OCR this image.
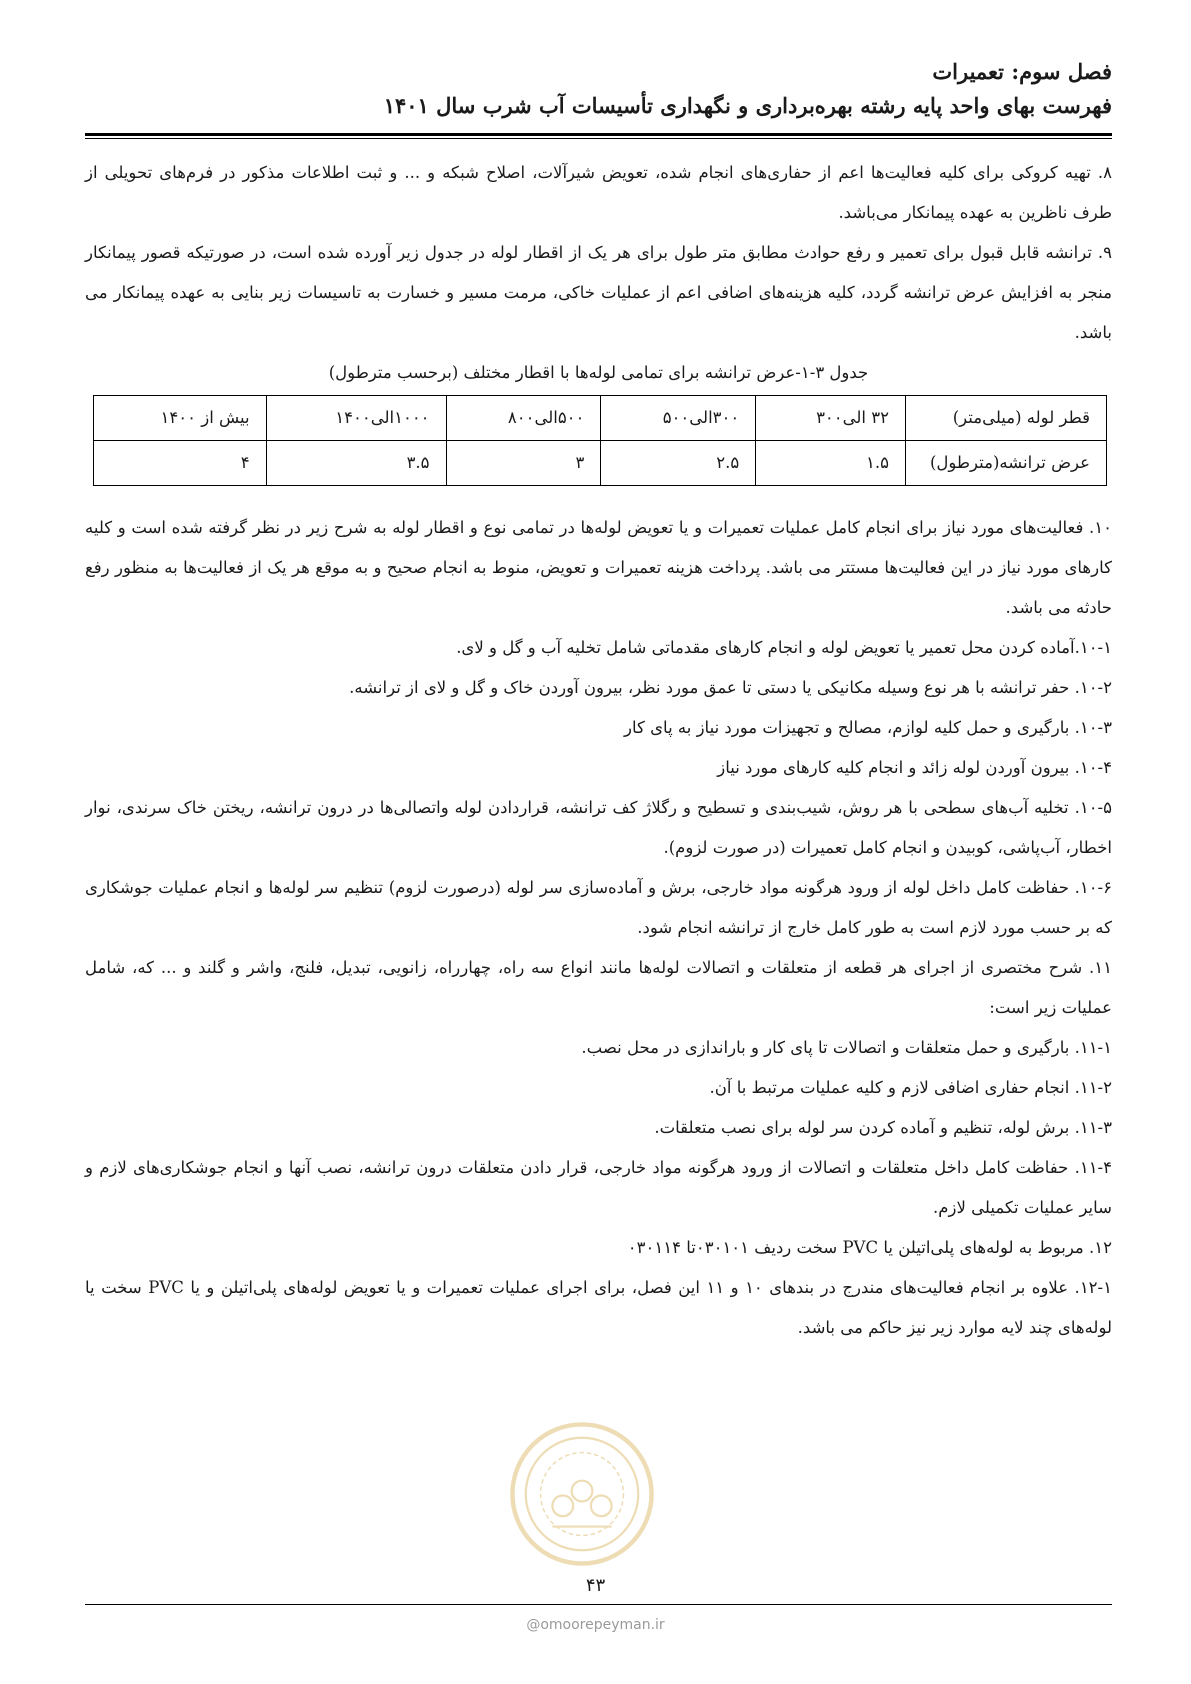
فصل سوم: تعمیرات
فهرست بهای واحد پایه رشته بهره‌برداری و نگهداری تأسیسات آب شرب سال ۱۴۰۱

۸. تهیه کروکی برای کلیه فعالیت‌ها اعم از حفاری‌های انجام شده، تعویض شیرآلات، اصلاح شبکه و ... و ثبت اطلاعات مذکور در فرم‌های تحویلی از طرف ناظرین به عهده پیمانکار می‌باشد.

۹. ترانشه قابل قبول برای تعمیر و رفع حوادث مطابق متر طول برای هر یک از اقطار لوله در جدول زیر آورده شده است، در صورتیکه قصور پیمانکار منجر به افزایش عرض ترانشه گردد، کلیه هزینه‌های اضافی اعم از عملیات خاکی، مرمت مسیر و خسارت به تاسیسات زیر بنایی به عهده پیمانکار می باشد.

جدول ۳-۱-عرض ترانشه برای تمامی لوله‌ها با اقطار مختلف (برحسب مترطول)

قطر لوله (میلی‌متر)	۳۲ الی۳۰۰	۳۰۰الی۵۰۰	۵۰۰الی۸۰۰	۱۰۰۰الی۱۴۰۰	بیش از ۱۴۰۰
عرض ترانشه(مترطول)	۱.۵	۲.۵	۳	۳.۵	۴

۱۰. فعالیت‌های مورد نیاز برای انجام کامل عملیات تعمیرات و یا تعویض لوله‌ها در تمامی نوع و اقطار لوله به شرح زیر در نظر گرفته شده است و کلیه کارهای مورد نیاز در این فعالیت‌ها مستتر می باشد. پرداخت هزینه تعمیرات و تعویض، منوط به انجام صحیح و به موقع هر یک از فعالیت‌ها به منظور رفع حادثه می باشد.

۱۰-۱.آماده کردن محل تعمیر یا تعویض لوله و انجام کارهای مقدماتی شامل تخلیه آب و گل و لای.

۱۰-۲. حفر ترانشه با هر نوع وسیله مکانیکی یا دستی تا عمق مورد نظر، بیرون آوردن خاک و گل و لای از ترانشه.

۱۰-۳. بارگیری و حمل کلیه لوازم، مصالح و تجهیزات مورد نیاز به پای کار

۱۰-۴. بیرون آوردن لوله زائد و انجام کلیه کارهای مورد نیاز

۱۰-۵. تخلیه آب‌های سطحی با هر روش، شیب‌بندی و تسطیح و رگلاژ کف ترانشه، قراردادن لوله واتصالی‌ها در درون ترانشه، ریختن خاک سرندی، نوار اخطار، آب‌پاشی، کوبیدن و انجام کامل تعمیرات (در صورت لزوم).

۱۰-۶. حفاظت کامل داخل لوله از ورود هرگونه مواد خارجی، برش و آماده‌سازی سر لوله (درصورت لزوم) تنظیم سر لوله‌ها و انجام عملیات جوشکاری که بر حسب مورد لازم است به طور کامل خارج از ترانشه انجام شود.

۱۱. شرح مختصری از اجرای هر قطعه از متعلقات و اتصالات لوله‌ها مانند انواع سه راه، چهارراه، زانویی، تبدیل، فلنج، واشر و گلند و ... که، شامل عملیات زیر است:

۱۱-۱. بارگیری و حمل متعلقات و اتصالات تا پای کار و باراندازی در محل نصب.

۱۱-۲. انجام حفاری اضافی لازم و کلیه عملیات مرتبط با آن.

۱۱-۳. برش لوله، تنظیم و آماده کردن سر لوله برای نصب متعلقات.

۱۱-۴. حفاظت کامل داخل متعلقات و اتصالات از ورود هرگونه مواد خارجی، قرار دادن متعلقات درون ترانشه، نصب آنها و انجام جوشکاری‌های لازم و سایر عملیات تکمیلی لازم.

۱۲. مربوط به لوله‌های پلی‌اتیلن یا PVC سخت ردیف ۰۳۰۱۰۱تا ۰۳۰۱۱۴

۱۲-۱. علاوه بر انجام فعالیت‌های مندرج در بندهای ۱۰ و ۱۱ این فصل، برای اجرای عملیات تعمیرات و یا تعویض لوله‌های پلی‌اتیلن و یا PVC سخت یا لوله‌های چند لایه موارد زیر نیز حاکم می باشد.

۴۳
@omoorepeyman.ir
